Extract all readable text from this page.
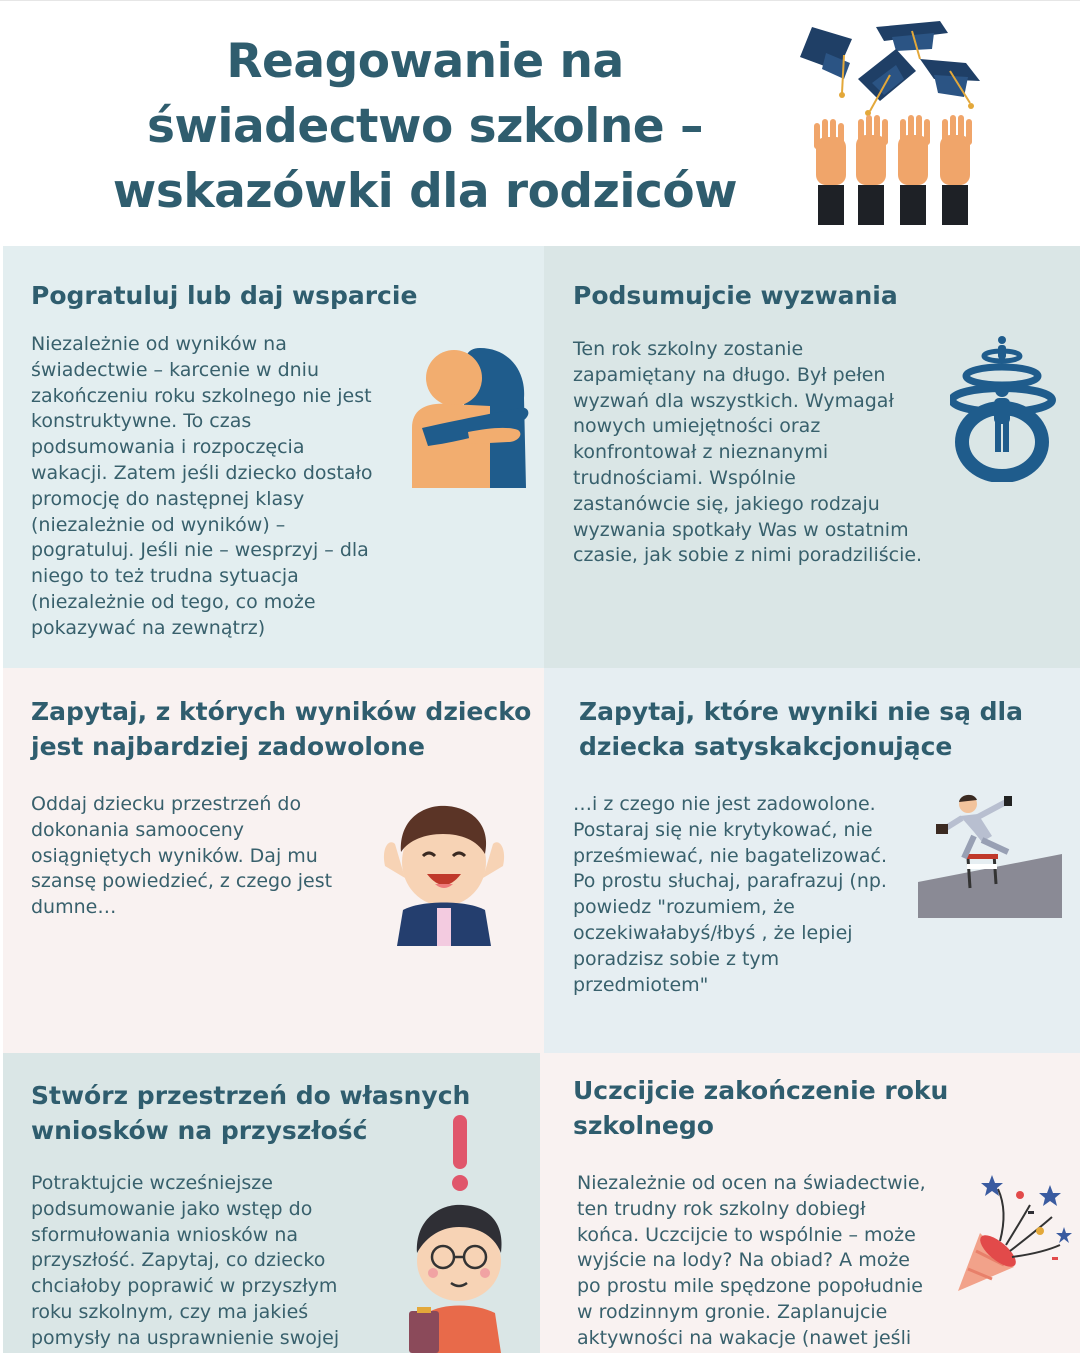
Reagowanie na
świadectwo szkolne –
wskazówki dla rodziców
Pogratuluj lub daj wsparcie
Niezależnie od wyników na
świadectwie – karcenie w dniu
zakończeniu roku szkolnego nie jest
konstruktywne. To czas
podsumowania i rozpoczęcia
wakacji. Zatem jeśli dziecko dostało
promocję do następnej klasy
(niezależnie od wyników) –
pogratuluj. Jeśli nie – wesprzyj – dla
niego to też trudna sytuacja
(niezależnie od tego, co może
pokazywać na zewnątrz)
Podsumujcie wyzwania
Ten rok szkolny zostanie
zapamiętany na długo. Był pełen
wyzwań dla wszystkich. Wymagał
nowych umiejętności oraz
konfrontował z nieznanymi
trudnościami. Wspólnie
zastanówcie się, jakiego rodzaju
wyzwania spotkały Was w ostatnim
czasie, jak sobie z nimi poradziliście.
Zapytaj, z których wyników dziecko
jest najbardziej zadowolone
Oddaj dziecku przestrzeń do
dokonania samooceny
osiągniętych wyników. Daj mu
szansę powiedzieć, z czego jest
dumne…
Zapytaj, które wyniki nie są dla
dziecka satyskakcjonujące
…i z czego nie jest zadowolone.
Postaraj się nie krytykować, nie
prześmiewać, nie bagatelizować.
Po prostu słuchaj, parafrazuj (np.
powiedz "rozumiem, że
oczekiwałabyś/łbyś , że lepiej
poradzisz sobie z tym
przedmiotem"
Stwórz przestrzeń do własnych
wniosków na przyszłość
Potraktujcie wcześniejsze
podsumowanie jako wstęp do
sformułowania wniosków na
przyszłość. Zapytaj, co dziecko
chciałoby poprawić w przyszłym
roku szkolnym, czy ma jakieś
pomysły na usprawnienie swojej
Uczcijcie zakończenie roku
szkolnego
Niezależnie od ocen na świadectwie,
ten trudny rok szkolny dobiegł
końca. Uczcijcie to wspólnie – może
wyjście na lody? Na obiad? A może
po prostu mile spędzone popołudnie
w rodzinnym gronie. Zaplanujcie
aktywności na wakacje (nawet jeśli
